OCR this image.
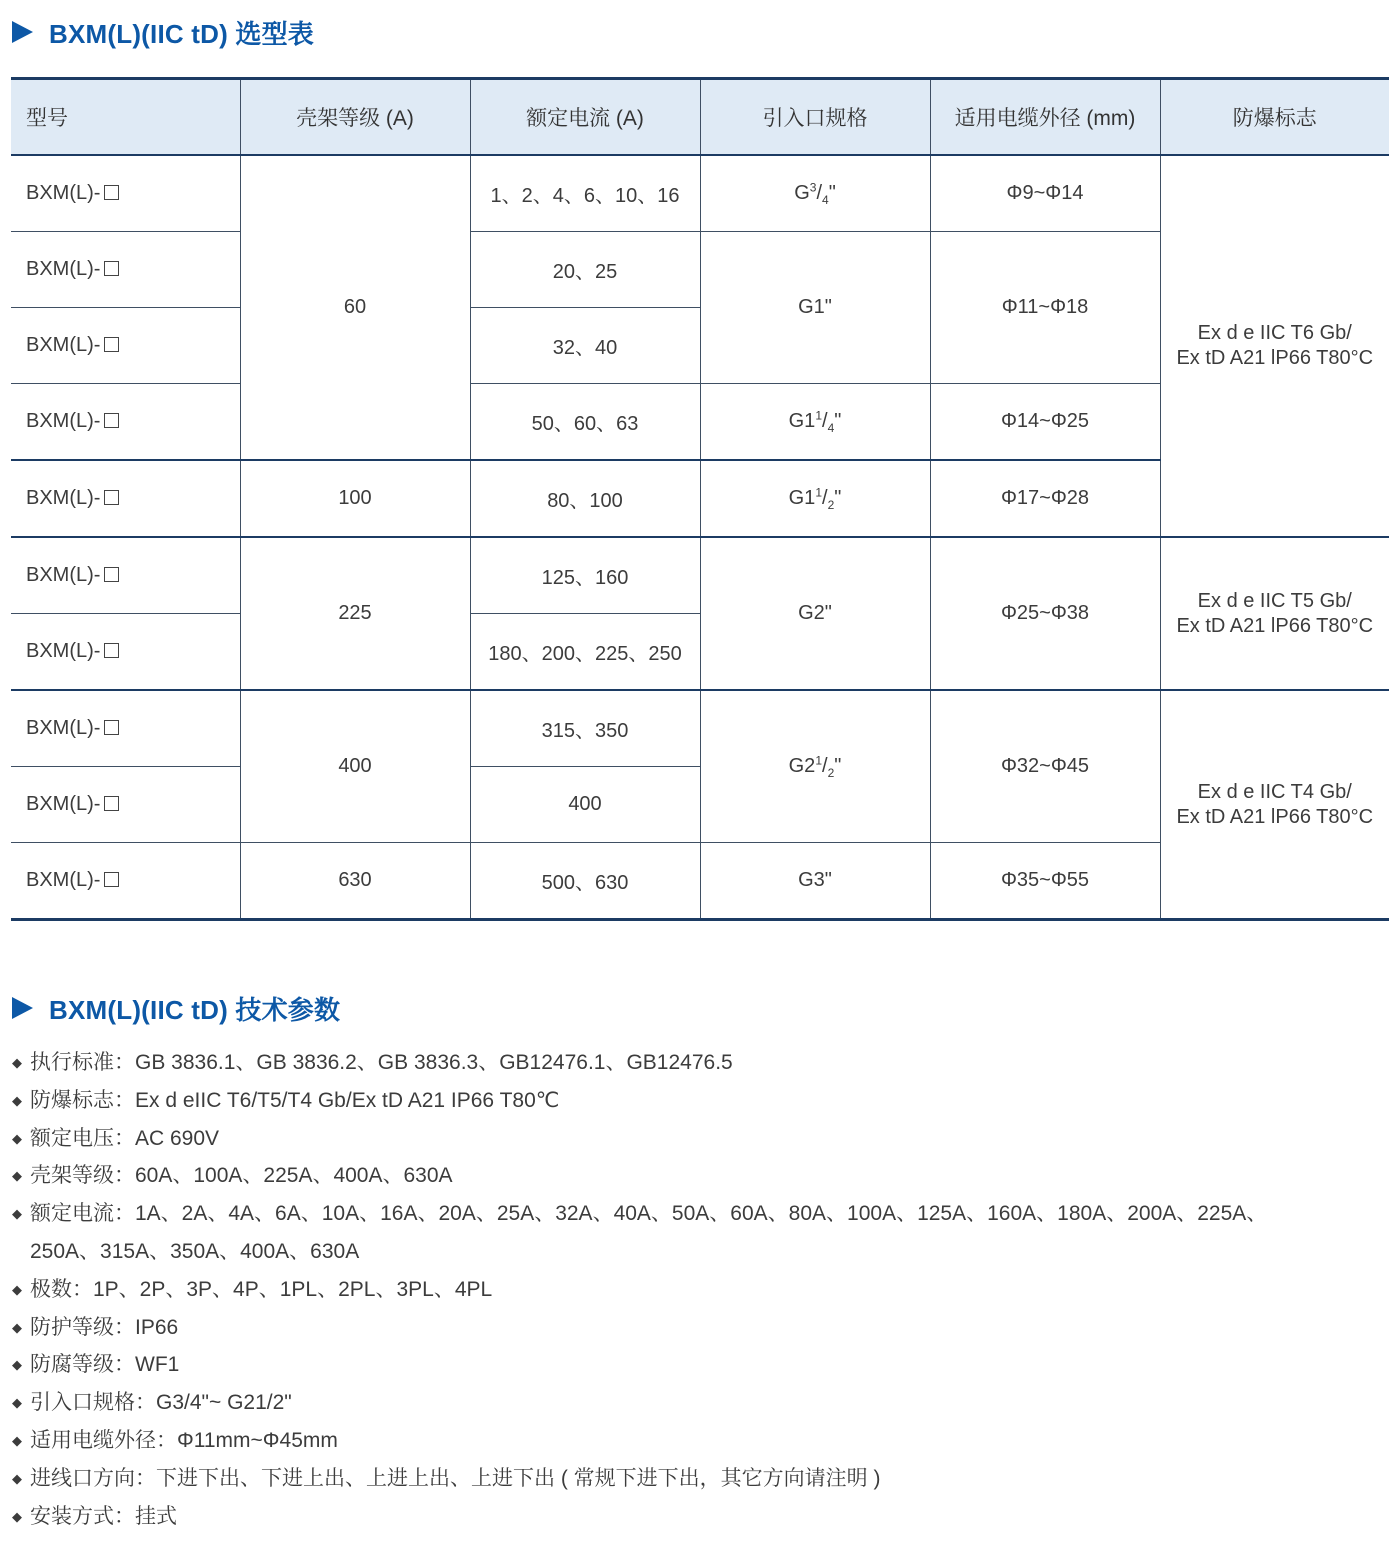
BXM(L)(IIC tD) 选型表
型号	壳架等级 (A)	额定电流 (A)	引入口规格	适用电缆外径 (mm)	防爆标志
BXM(L)-	60	1、2、4、6、10、16	$G^3/_4$"	Φ9~Φ14	Ex d e IIC T6 Gb/
Ex tD A21 lP66 T80°C
BXM(L)-		20、25	G1"	Φ11~Φ18	
BXM(L)-		32、40			
BXM(L)-		50、60、63	$G1^1/_4$"	Φ14~Φ25	
BXM(L)-	100	80、100	$G1^1/_2$"	Φ17~Φ28	
BXM(L)-	225	125、160	G2"	Φ25~Φ38	Ex d e IIC T5 Gb/
Ex tD A21 lP66 T80°C
BXM(L)-		180、200、225、250			
BXM(L)-	400	315、350	$G2^1/_2$"	Φ32~Φ45	Ex d e IIC T4 Gb/
Ex tD A21 lP66 T80°C
BXM(L)-		400			
BXM(L)-	630	500、630	G3"	Φ35~Φ55	
BXM(L)(IIC tD) 技术参数
◆ 执行标准：GB 3836.1、GB 3836.2、GB 3836.3、GB12476.1、GB12476.5
◆ 防爆标志：Ex d eIIC T6/T5/T4 Gb/Ex tD A21 IP66 T80℃
◆ 额定电压：AC 690V
◆ 壳架等级：60A、100A、225A、400A、630A
◆ 额定电流：1A、2A、4A、6A、10A、16A、20A、25A、32A、40A、50A、60A、80A、100A、125A、160A、180A、200A、225A、
250A、315A、350A、400A、630A
◆ 极数：1P、2P、3P、4P、1PL、2PL、3PL、4PL
◆ 防护等级：IP66
◆ 防腐等级：WF1
◆ 引入口规格：G3/4"~ G21/2"
◆ 适用电缆外径：Φ11mm~Φ45mm
◆ 进线口方向：下进下出、下进上出、上进上出、上进下出 ( 常规下进下出，其它方向请注明 )
◆ 安装方式：挂式
